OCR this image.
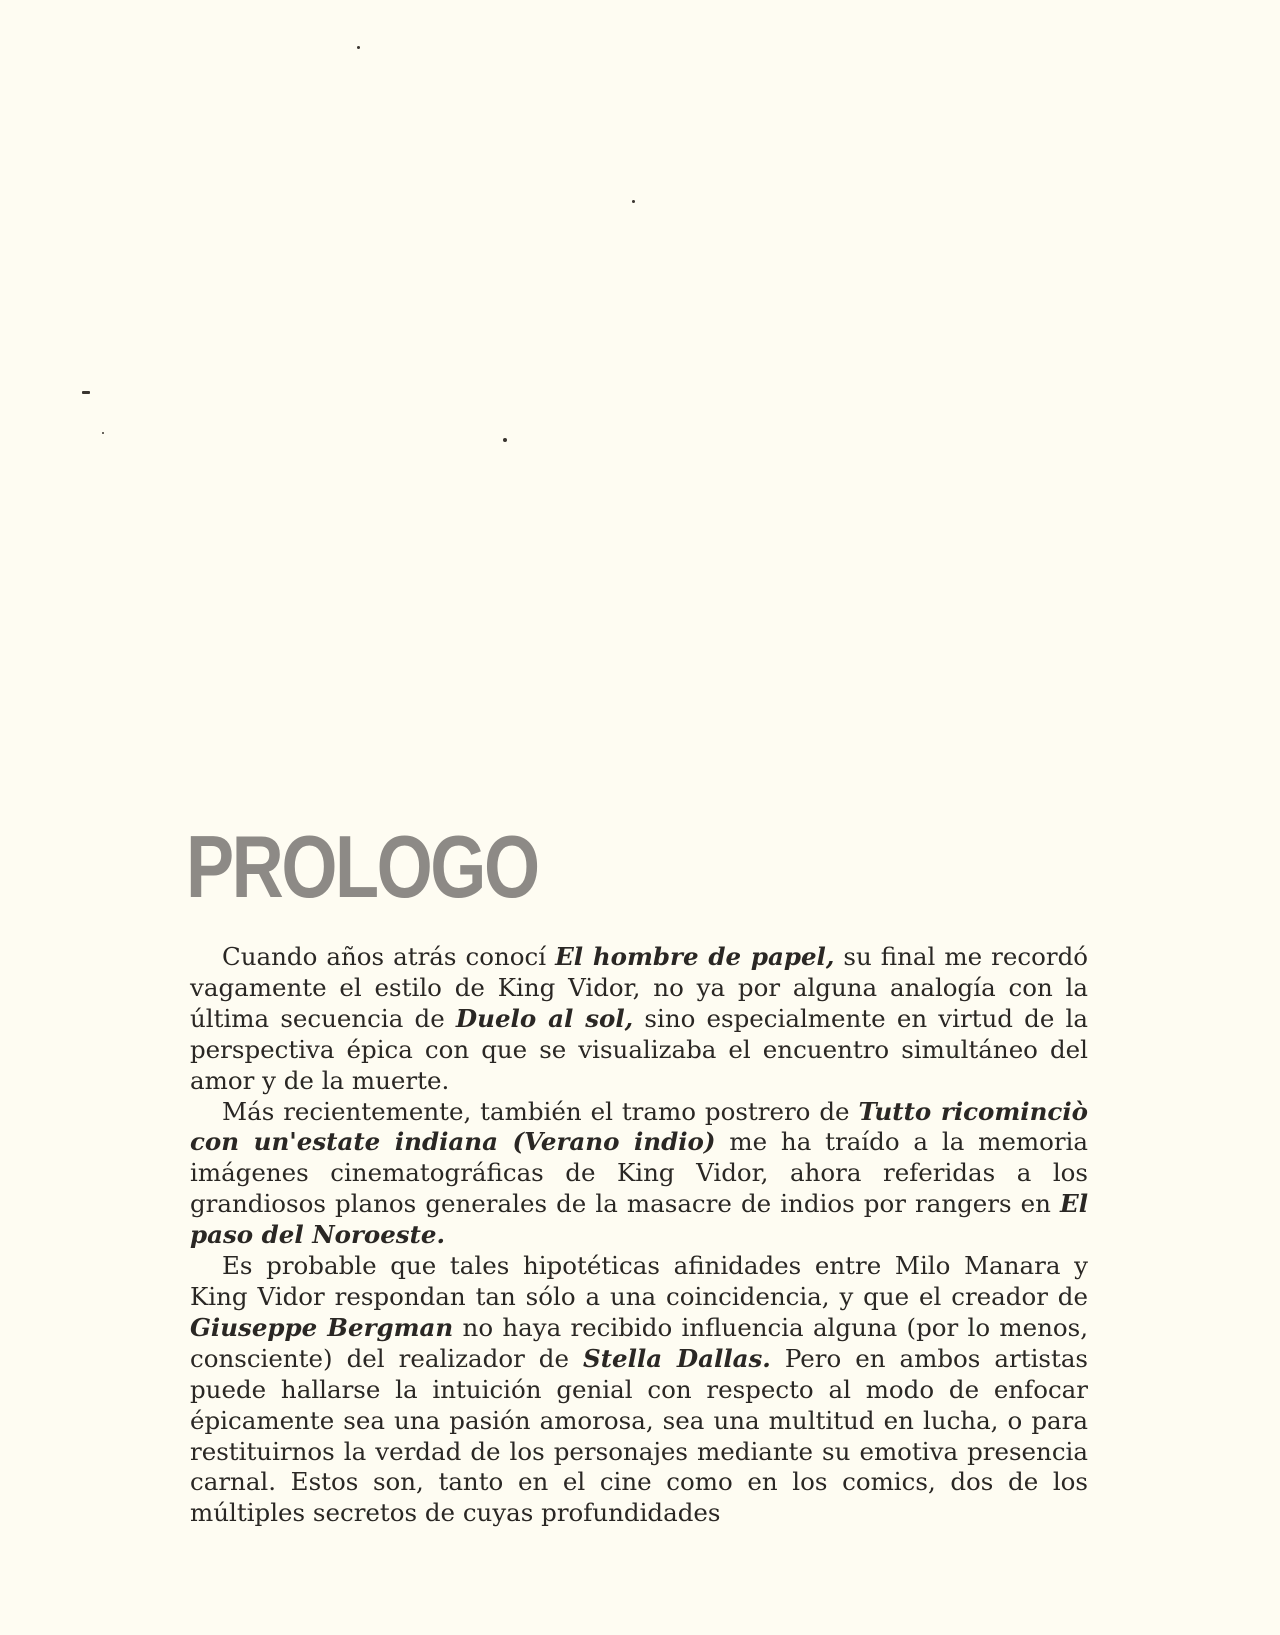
PROLOGO

Cuando años atrás conocí El hombre de papel, su final me recordó vagamente el estilo de King Vidor, no ya por alguna analogía con la última secuencia de Duelo al sol, sino especialmente en virtud de la perspectiva épica con que se visualizaba el encuentro simultáneo del amor y de la muerte.

Más recientemente, también el tramo postrero de Tutto ricominciò con un'estate indiana (Verano indio) me ha traído a la memoria imágenes cinematográficas de King Vidor, ahora referidas a los grandiosos planos generales de la masacre de indios por rangers en El paso del Noroeste.

Es probable que tales hipotéticas afinidades entre Milo Manara y King Vidor respondan tan sólo a una coincidencia, y que el creador de Giuseppe Bergman no haya recibido influencia alguna (por lo menos, consciente) del realizador de Stella Dallas. Pero en ambos artistas puede hallarse la intuición genial con respecto al modo de enfocar épicamente sea una pasión amorosa, sea una multitud en lucha, o para restituirnos la verdad de los personajes mediante su emotiva presencia carnal. Estos son, tanto en el cine como en los comics, dos de los múltiples secretos de cuyas profundidades
